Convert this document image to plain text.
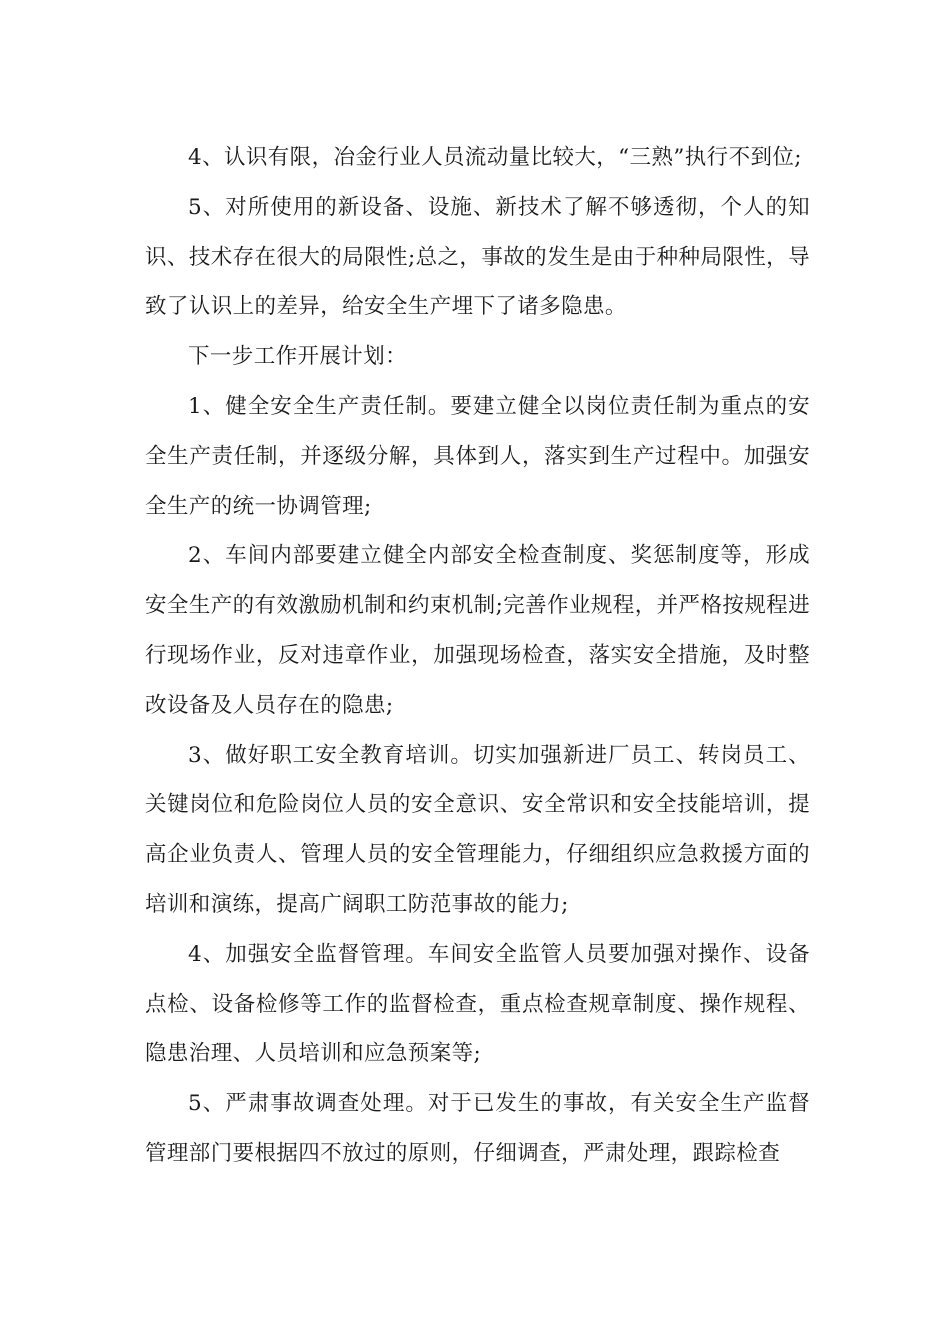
4、认识有限，冶金行业人员流动量比较大，“三熟”执行不到位;

5、对所使用的新设备、设施、新技术了解不够透彻，个人的知识、技术存在很大的局限性;总之，事故的发生是由于种种局限性，导致了认识上的差异，给安全生产埋下了诸多隐患。

下一步工作开展计划：

1、健全安全生产责任制。要建立健全以岗位责任制为重点的安全生产责任制，并逐级分解，具体到人，落实到生产过程中。加强安全生产的统一协调管理;

2、车间内部要建立健全内部安全检查制度、奖惩制度等，形成安全生产的有效激励机制和约束机制;完善作业规程，并严格按规程进行现场作业，反对违章作业，加强现场检查，落实安全措施，及时整改设备及人员存在的隐患;

3、做好职工安全教育培训。切实加强新进厂员工、转岗员工、关键岗位和危险岗位人员的安全意识、安全常识和安全技能培训，提高企业负责人、管理人员的安全管理能力，仔细组织应急救援方面的培训和演练，提高广阔职工防范事故的能力;

4、加强安全监督管理。车间安全监管人员要加强对操作、设备点检、设备检修等工作的监督检查，重点检查规章制度、操作规程、隐患治理、人员培训和应急预案等;

5、严肃事故调查处理。对于已发生的事故，有关安全生产监督管理部门要根据四不放过的原则，仔细调查，严肃处理，跟踪检查
